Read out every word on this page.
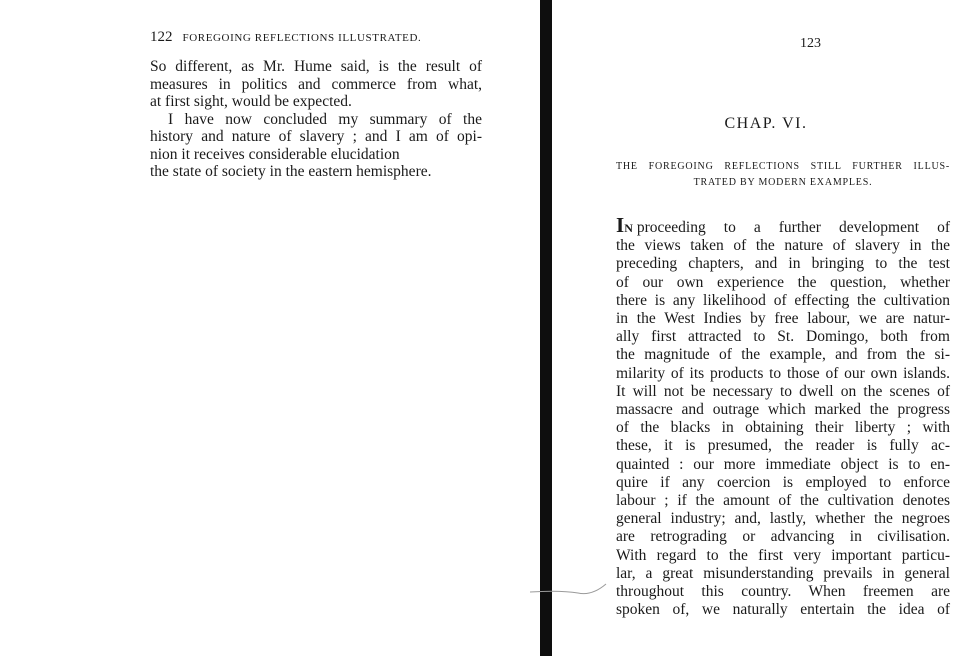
122 FOREGOING REFLECTIONS ILLUSTRATED.
So different, as Mr. Hume said, is the result of
measures in politics and commerce from what,
at first sight, would be expected.
I have now concluded my summary of the
history and nature of slavery ; and I am of opi-
nion it receives considerable elucidation
the state of society in the eastern hemisphere.
123
CHAP. VI.
THE FOREGOING REFLECTIONS STILL FURTHER ILLUS-
TRATED BY MODERN EXAMPLES.
IN proceeding to a further development of
the views taken of the nature of slavery in the
preceding chapters, and in bringing to the test
of our own experience the question, whether
there is any likelihood of effecting the cultivation
in the West Indies by free labour, we are natur-
ally first attracted to St. Domingo, both from
the magnitude of the example, and from the si-
milarity of its products to those of our own islands.
It will not be necessary to dwell on the scenes of
massacre and outrage which marked the progress
of the blacks in obtaining their liberty ; with
these, it is presumed, the reader is fully ac-
quainted : our more immediate object is to en-
quire if any coercion is employed to enforce
labour ; if the amount of the cultivation denotes
general industry; and, lastly, whether the negroes
are retrograding or advancing in civilisation.
With regard to the first very important particu-
lar, a great misunderstanding prevails in general
throughout this country. When freemen are
spoken of, we naturally entertain the idea of
